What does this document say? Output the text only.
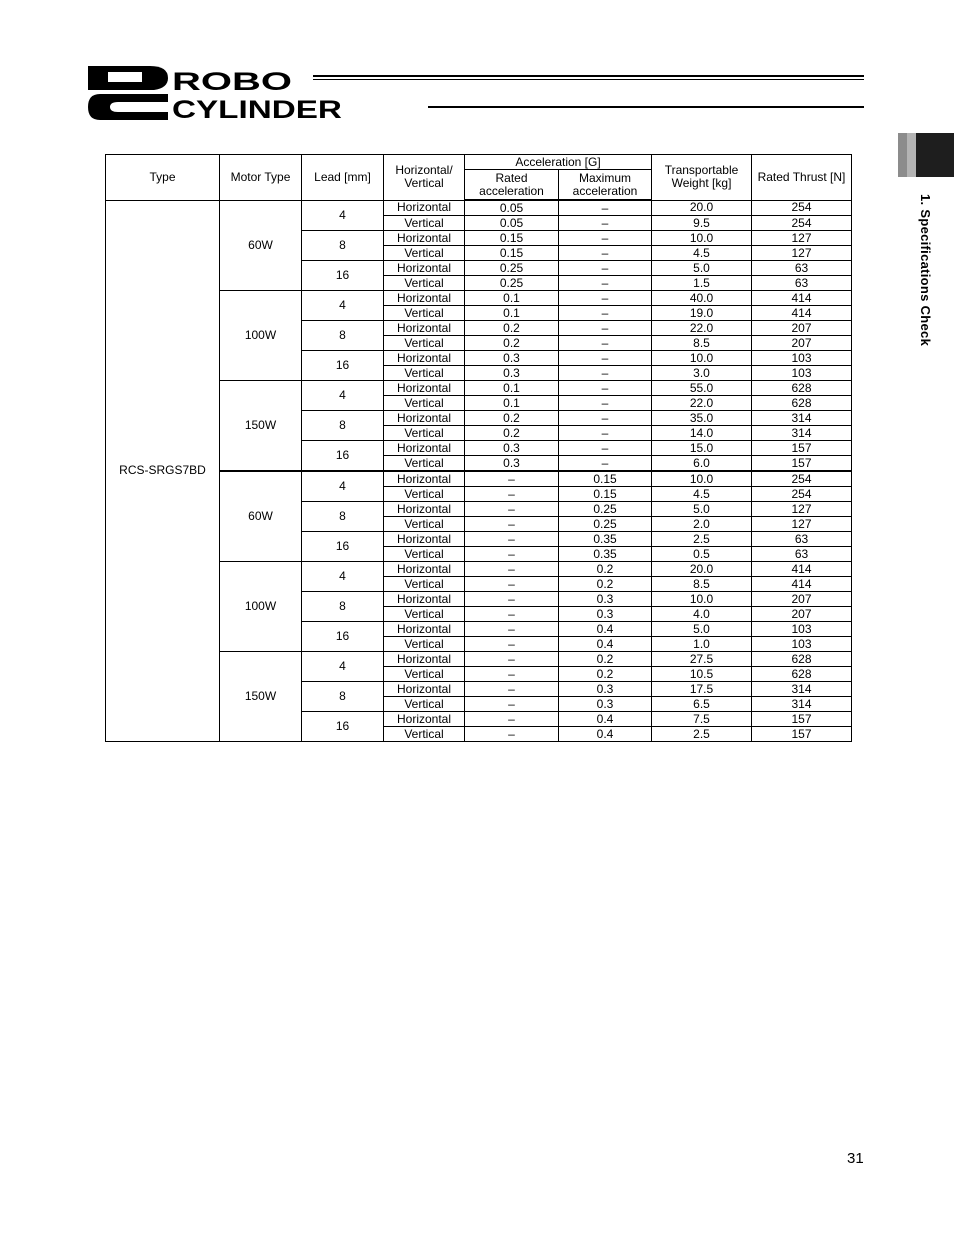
ROBO
CYLINDER
1. Specifications Check
Type	Motor Type	Lead [mm]	Horizontal/ Vertical	Acceleration [G]		Transportable Weight [kg]	Rated Thrust [N]
				Rated acceleration	Maximum acceleration		
RCS-SRGS7BD	60W	4	Horizontal	0.05	–	20.0	254
			Vertical	0.05	–	9.5	254
		8	Horizontal	0.15	–	10.0	127
			Vertical	0.15	–	4.5	127
		16	Horizontal	0.25	–	5.0	63
			Vertical	0.25	–	1.5	63
	100W	4	Horizontal	0.1	–	40.0	414
			Vertical	0.1	–	19.0	414
		8	Horizontal	0.2	–	22.0	207
			Vertical	0.2	–	8.5	207
		16	Horizontal	0.3	–	10.0	103
			Vertical	0.3	–	3.0	103
	150W	4	Horizontal	0.1	–	55.0	628
			Vertical	0.1	–	22.0	628
		8	Horizontal	0.2	–	35.0	314
			Vertical	0.2	–	14.0	314
		16	Horizontal	0.3	–	15.0	157
			Vertical	0.3	–	6.0	157
	60W	4	Horizontal	–	0.15	10.0	254
			Vertical	–	0.15	4.5	254
		8	Horizontal	–	0.25	5.0	127
			Vertical	–	0.25	2.0	127
		16	Horizontal	–	0.35	2.5	63
			Vertical	–	0.35	0.5	63
	100W	4	Horizontal	–	0.2	20.0	414
			Vertical	–	0.2	8.5	414
		8	Horizontal	–	0.3	10.0	207
			Vertical	–	0.3	4.0	207
		16	Horizontal	–	0.4	5.0	103
			Vertical	–	0.4	1.0	103
	150W	4	Horizontal	–	0.2	27.5	628
			Vertical	–	0.2	10.5	628
		8	Horizontal	–	0.3	17.5	314
			Vertical	–	0.3	6.5	314
		16	Horizontal	–	0.4	7.5	157
			Vertical	–	0.4	2.5	157
31
